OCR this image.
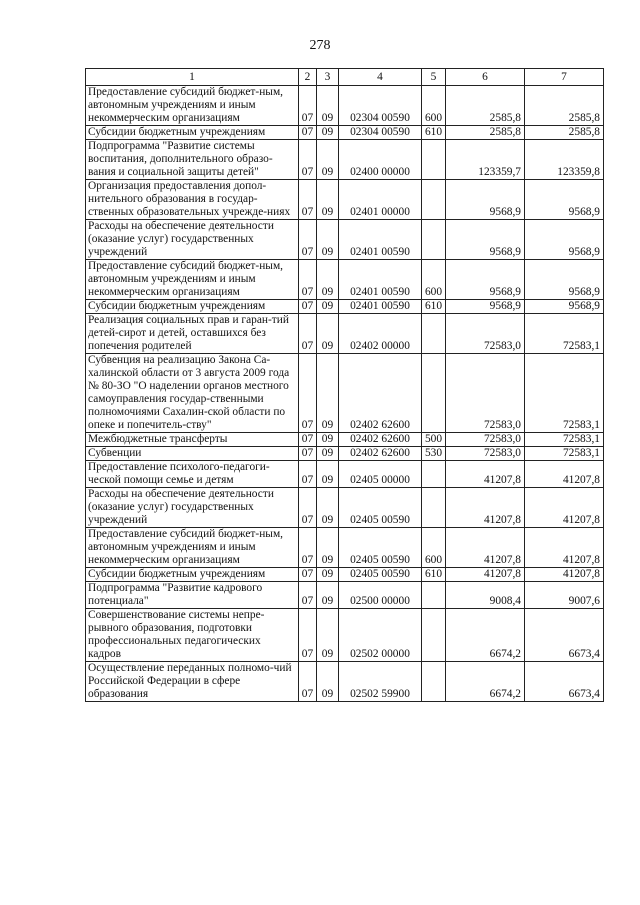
278
1	2	3	4	5	6	7
Предоставление субсидий бюджет-ным, автономным учреждениям и иным некоммерческим организациям	07	09	02304 00590	600	2585,8	2585,8
Субсидии бюджетным учреждениям	07	09	02304 00590	610	2585,8	2585,8
Подпрограмма "Развитие системы воспитания, дополнительного образо-вания и социальной защиты детей"	07	09	02400 00000		123359,7	123359,8
Организация предоставления допол-нительного образования в государ-ственных образовательных учрежде-ниях	07	09	02401 00000		9568,9	9568,9
Расходы на обеспечение деятельности (оказание услуг) государственных учреждений	07	09	02401 00590		9568,9	9568,9
Предоставление субсидий бюджет-ным, автономным учреждениям и иным некоммерческим организациям	07	09	02401 00590	600	9568,9	9568,9
Субсидии бюджетным учреждениям	07	09	02401 00590	610	9568,9	9568,9
Реализация социальных прав и гаран-тий детей-сирот и детей, оставшихся без попечения родителей	07	09	02402 00000		72583,0	72583,1
Субвенция на реализацию Закона Са-халинской области от 3 августа 2009 года № 80-ЗО "О наделении органов местного самоуправления государ-ственными полномочиями Сахалин-ской области по опеке и попечитель-ству"	07	09	02402 62600		72583,0	72583,1
Межбюджетные трансферты	07	09	02402 62600	500	72583,0	72583,1
Субвенции	07	09	02402 62600	530	72583,0	72583,1
Предоставление психолого-педагоги-ческой помощи семье и детям	07	09	02405 00000		41207,8	41207,8
Расходы на обеспечение деятельности (оказание услуг) государственных учреждений	07	09	02405 00590		41207,8	41207,8
Предоставление субсидий бюджет-ным, автономным учреждениям и иным некоммерческим организациям	07	09	02405 00590	600	41207,8	41207,8
Субсидии бюджетным учреждениям	07	09	02405 00590	610	41207,8	41207,8
Подпрограмма "Развитие кадрового потенциала"	07	09	02500 00000		9008,4	9007,6
Совершенствование системы непре-рывного образования, подготовки профессиональных педагогических кадров	07	09	02502 00000		6674,2	6673,4
Осуществление переданных полномо-чий Российской Федерации в сфере образования	07	09	02502 59900		6674,2	6673,4
